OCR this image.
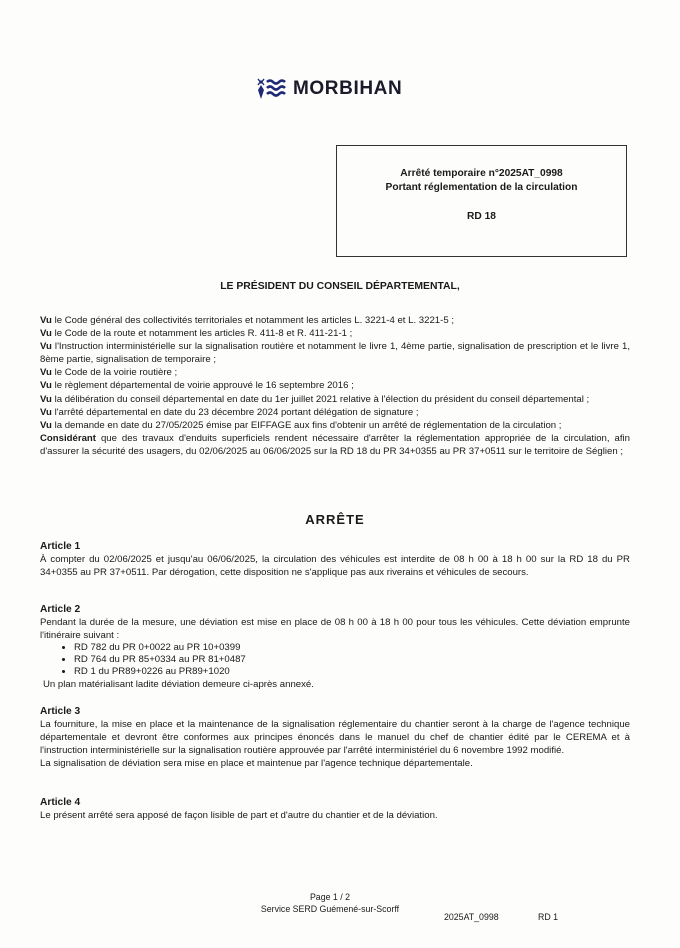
MORBIHAN
Arrêté temporaire n°2025AT_0998
Portant réglementation de la circulation
RD 18
LE PRÉSIDENT DU CONSEIL DÉPARTEMENTAL,

Vu le Code général des collectivités territoriales et notamment les articles L. 3221-4 et L. 3221-5 ;

Vu le Code de la route et notamment les articles R. 411-8 et R. 411-21-1 ;

Vu l'Instruction interministérielle sur la signalisation routière et notamment le livre 1, 4ème partie, signalisation de prescription et le livre 1, 8ème partie, signalisation de temporaire ;

Vu le Code de la voirie routière ;

Vu le règlement départemental de voirie approuvé le 16 septembre 2016 ;

Vu la délibération du conseil départemental en date du 1er juillet 2021 relative à l'élection du président du conseil départemental ;

Vu l'arrêté départemental en date du 23 décembre 2024 portant délégation de signature ;

Vu la demande en date du 27/05/2025 émise par EIFFAGE aux fins d'obtenir un arrêté de réglementation de la circulation ;

Considérant que des travaux d'enduits superficiels rendent nécessaire d'arrêter la réglementation appropriée de la circulation, afin d'assurer la sécurité des usagers, du 02/06/2025 au 06/06/2025 sur la RD 18 du PR 34+0355 au PR 37+0511 sur le territoire de Séglien ;

ARRÊTE
Article 1

À compter du 02/06/2025 et jusqu'au 06/06/2025, la circulation des véhicules est interdite de 08 h 00 à 18 h 00 sur la RD 18 du PR 34+0355 au PR 37+0511. Par dérogation, cette disposition ne s'applique pas aux riverains et véhicules de secours.

Article 2

Pendant la durée de la mesure, une déviation est mise en place de 08 h 00 à 18 h 00 pour tous les véhicules. Cette déviation emprunte l'itinéraire suivant :

• RD 782 du PR 0+0022 au PR 10+0399
• RD 764 du PR 85+0334 au PR 81+0487
• RD 1 du PR89+0226 au PR89+1020

Un plan matérialisant ladite déviation demeure ci-après annexé.

Article 3

La fourniture, la mise en place et la maintenance de la signalisation réglementaire du chantier seront à la charge de l'agence technique départementale et devront être conformes aux principes énoncés dans le manuel du chef de chantier édité par le CEREMA et à l'instruction interministérielle sur la signalisation routière approuvée par l'arrêté interministériel du 6 novembre 1992 modifié.

La signalisation de déviation sera mise en place et maintenue par l'agence technique départementale.

Article 4

Le présent arrêté sera apposé de façon lisible de part et d'autre du chantier et de la déviation.

Page 1 / 2
Service SERD Guémené-sur-Scorff
2025AT_0998	RD 1
